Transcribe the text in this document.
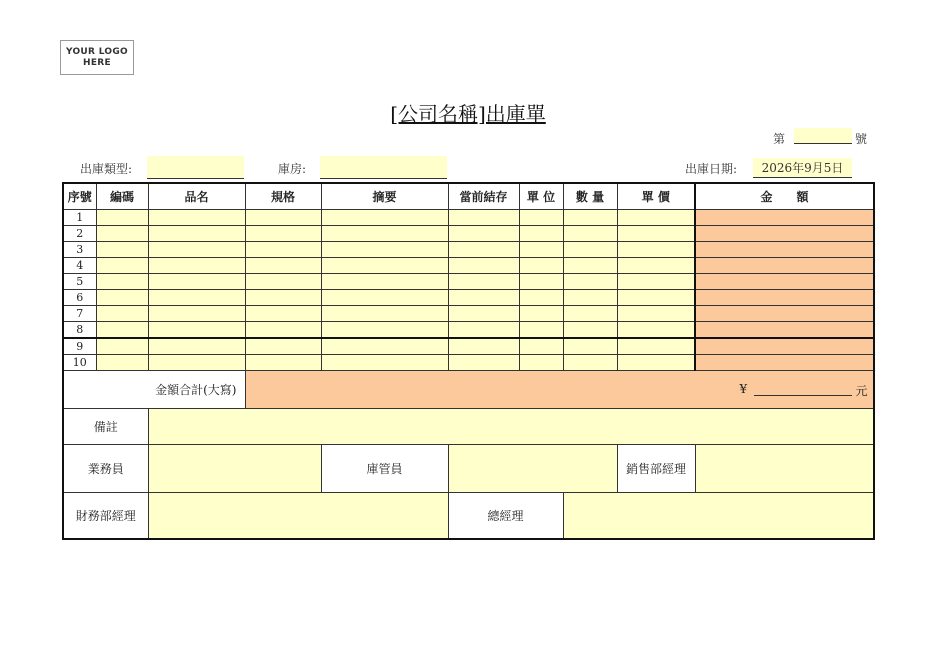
YOUR LOGO HERE
[公司名稱]出庫單
第	號
出庫類型:	庫房:	出庫日期:	2026年9月5日
序號	編碼	品名	規格	摘要	當前結存	單 位	數 量	單 價	金　　額
1									
2									
3									
4									
5									
6									
7									
8									
9									
10									
金額合計(大寫)			¥ 元						

備註									
業務員				庫管員				銷售部經理	
財務部經理					總經理				
